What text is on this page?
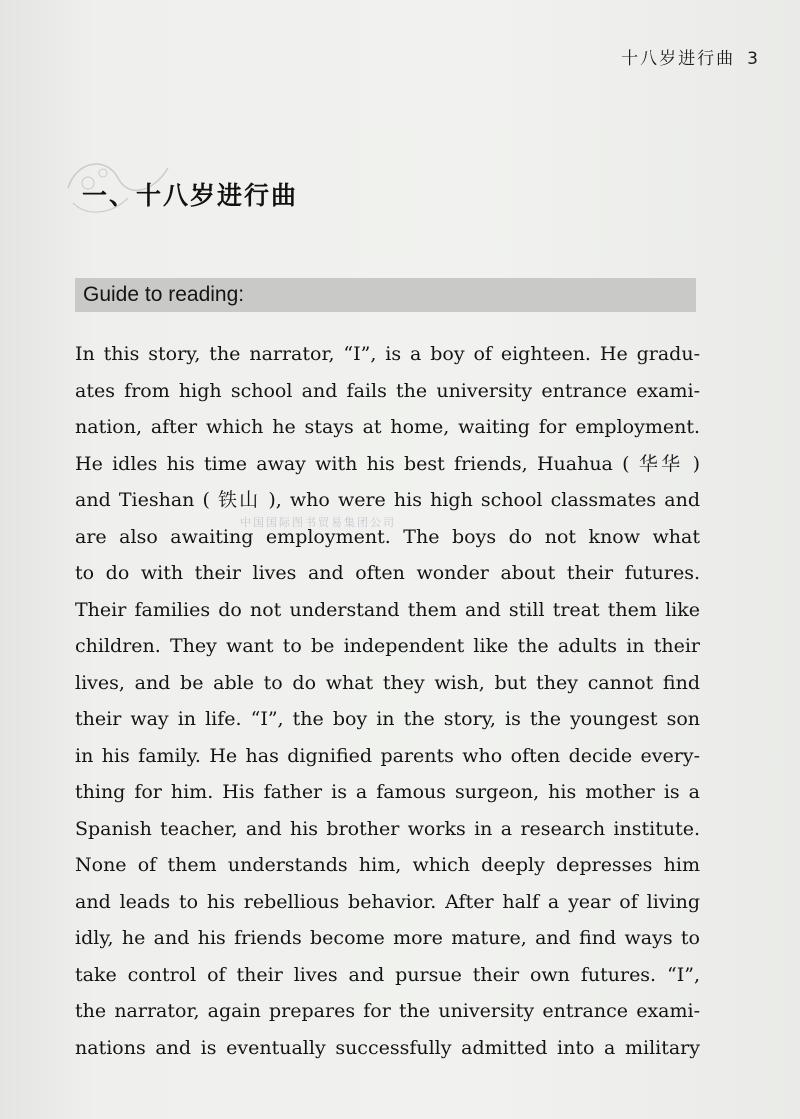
十八岁进行曲 3
一、十八岁进行曲
Guide to reading:
中国国际图书贸易集团公司
In this story, the narrator, “I”, is a boy of eighteen. He gradu-
ates from high school and fails the university entrance exami-
nation, after which he stays at home, waiting for employment.
He idles his time away with his best friends, Huahua ( 华华 )
and Tieshan ( 铁山 ), who were his high school classmates and
are also awaiting employment. The boys do not know what
to do with their lives and often wonder about their futures.
Their families do not understand them and still treat them like
children. They want to be independent like the adults in their
lives, and be able to do what they wish, but they cannot find
their way in life. “I”, the boy in the story, is the youngest son
in his family. He has dignified parents who often decide every-
thing for him. His father is a famous surgeon, his mother is a
Spanish teacher, and his brother works in a research institute.
None of them understands him, which deeply depresses him
and leads to his rebellious behavior. After half a year of living
idly, he and his friends become more mature, and find ways to
take control of their lives and pursue their own futures. “I”,
the narrator, again prepares for the university entrance exami-
nations and is eventually successfully admitted into a military
